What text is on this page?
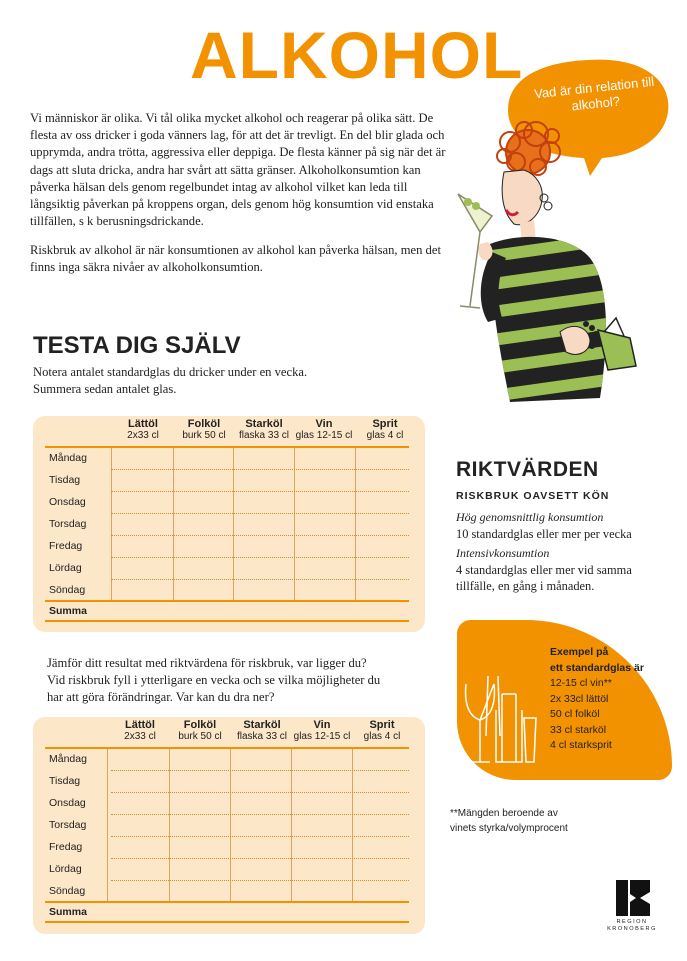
ALKOHOL Vad är din relation till alkohol?
Vi människor är olika. Vi tål olika mycket alkohol och reagerar på olika sätt. De flesta av oss dricker i goda vänners lag, för att det är trevligt. En del blir glada och upprymda, andra trötta, aggressiva eller deppiga. De flesta känner på sig när det är dags att sluta dricka, andra har svårt att sätta gränser. Alkoholkonsumtion kan påverka hälsan dels genom regelbundet intag av alkohol vilket kan leda till långsiktig påverkan på kroppens organ, dels genom hög konsumtion vid enstaka tillfällen, s k berusningsdrickande.
Riskbruk av alkohol är när konsumtionen av alkohol kan påverka hälsan, men det finns inga säkra nivåer av alkoholkonsumtion.
TESTA DIG SJÄLV
Notera antalet standardglas du dricker under en vecka.
Summera sedan antalet glas.
Lättöl
2x33 cl
Folköl
burk 50 cl
Starköl
flaska 33 cl
Vin
glas 12-15 cl
Sprit
glas 4 cl
Måndag
Tisdag
Onsdag
Torsdag
Fredag
Lördag
Söndag
Summa
Jämför ditt resultat med riktvärdena för riskbruk, var ligger du?
Vid riskbruk fyll i ytterligare en vecka och se vilka möjligheter du
har att göra förändringar. Var kan du dra ner?
Lättöl
2x33 cl
Folköl
burk 50 cl
Starköl
flaska 33 cl
Vin
glas 12-15 cl
Sprit
glas 4 cl
Måndag
Tisdag
Onsdag
Torsdag
Fredag
Lördag
Söndag
Summa
RIKTVÄRDEN
RISKBRUK OAVSETT KÖN
Hög genomsnittlig konsumtion
10 standardglas eller mer per vecka
Intensivkonsumtion
4 standardglas eller mer vid samma
tillfälle, en gång i månaden.
Exempel på
ett standardglas är
12-15 cl vin**
2x 33cl lättöl
50 cl folköl
33 cl starköl
4 cl starksprit
**Mängden beroende av
vinets styrka/volymprocent
REGION
KRONOBERG
